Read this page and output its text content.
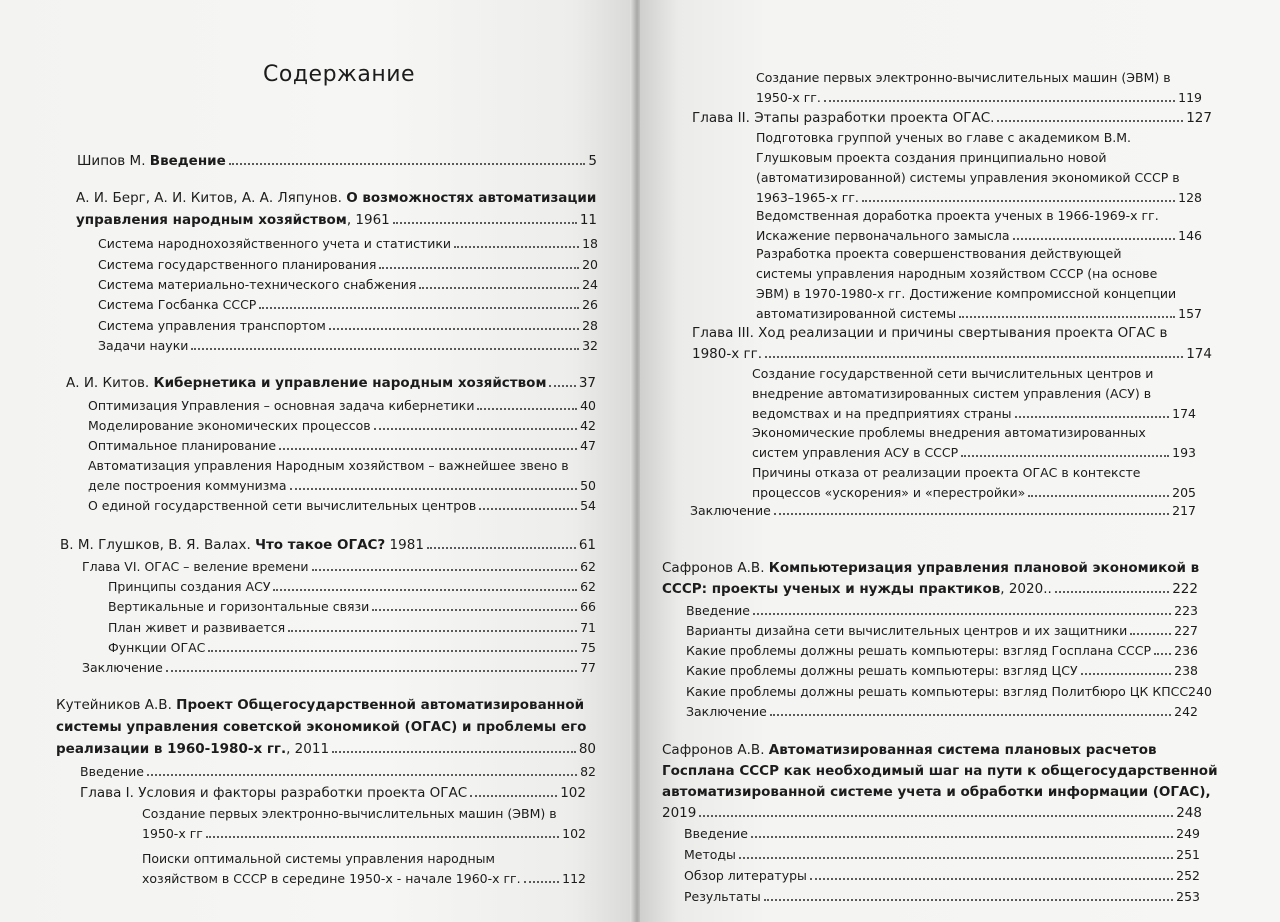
Содержание
Шипов М. Введение	5
А. И. Берг, А. И. Китов, А. А. Ляпунов. О возможностях автоматизации
управления народным хозяйством, 1961	11
Система народнохозяйственного учета и статистики	18
Система государственного планирования	20
Система материально-технического снабжения	24
Система Госбанка СССР	26
Система управления транспортом	28
Задачи науки	32
А. И. Китов. Кибернетика и управление народным хозяйством 37
Оптимизация Управления – основная задача кибернетики	40
Моделирование экономических процессов	42
Оптимальное планирование	47
Автоматизация управления Народным хозяйством – важнейшее звено в
деле построения коммунизма	50
О единой государственной сети вычислительных центров	54
В. М. Глушков, В. Я. Валах. Что такое ОГАС? 1981	61
Глава VI. ОГАС – веление времени	62
Принципы создания АСУ	62
Вертикальные и горизонтальные связи	66
План живет и развивается	71
Функции ОГАС	75
Заключение	77
Кутейников А.В. Проект Общегосударственной автоматизированной
системы управления советской экономикой (ОГАС) и проблемы его
реализации в 1960-1980-х гг., 2011	80
Введение	82
Глава I. Условия и факторы разработки проекта ОГАС	102
Создание первых электронно-вычислительных машин (ЭВМ) в
1950-х гг	102
Поиски оптимальной системы управления народным
хозяйством в СССР в середине 1950-х - начале 1960-х гг.	112
Создание первых электронно-вычислительных машин (ЭВМ) в
1950-х гг.	119
Глава II. Этапы разработки проекта ОГАС.	127
Подготовка группой ученых во главе с академиком В.М.
Глушковым проекта создания принципиально новой
(автоматизированной) системы управления экономикой СССР в
1963–1965-х гг.	128
Ведомственная доработка проекта ученых в 1966-1969-х гг.
Искажение первоначального замысла	146
Разработка проекта совершенствования действующей
системы управления народным хозяйством СССР (на основе
ЭВМ) в 1970-1980-х гг. Достижение компромиссной концепции
автоматизированной системы	157
Глава III. Ход реализации и причины свертывания проекта ОГАС в
1980-х гг.	174
Создание государственной сети вычислительных центров и
внедрение автоматизированных систем управления (АСУ) в
ведомствах и на предприятиях страны	174
Экономические проблемы внедрения автоматизированных
систем управления АСУ в СССР	193
Причины отказа от реализации проекта ОГАС в контексте
процессов «ускорения» и «перестройки»	205
Заключение	217
Сафронов А.В. Компьютеризация управления плановой экономикой в
СССР: проекты ученых и нужды практиков, 2020..	222
Введение	223
Варианты дизайна сети вычислительных центров и их защитники	227
Какие проблемы должны решать компьютеры: взгляд Госплана СССР 236
Какие проблемы должны решать компьютеры: взгляд ЦСУ	238
Какие проблемы должны решать компьютеры: взгляд Политбюро ЦК КПСС240
Заключение	242
Сафронов А.В. Автоматизированная система плановых расчетов
Госплана СССР как необходимый шаг на пути к общегосударственной
автоматизированной системе учета и обработки информации (ОГАС),
2019	248
Введение	249
Методы	251
Обзор литературы	252
Результаты	253
